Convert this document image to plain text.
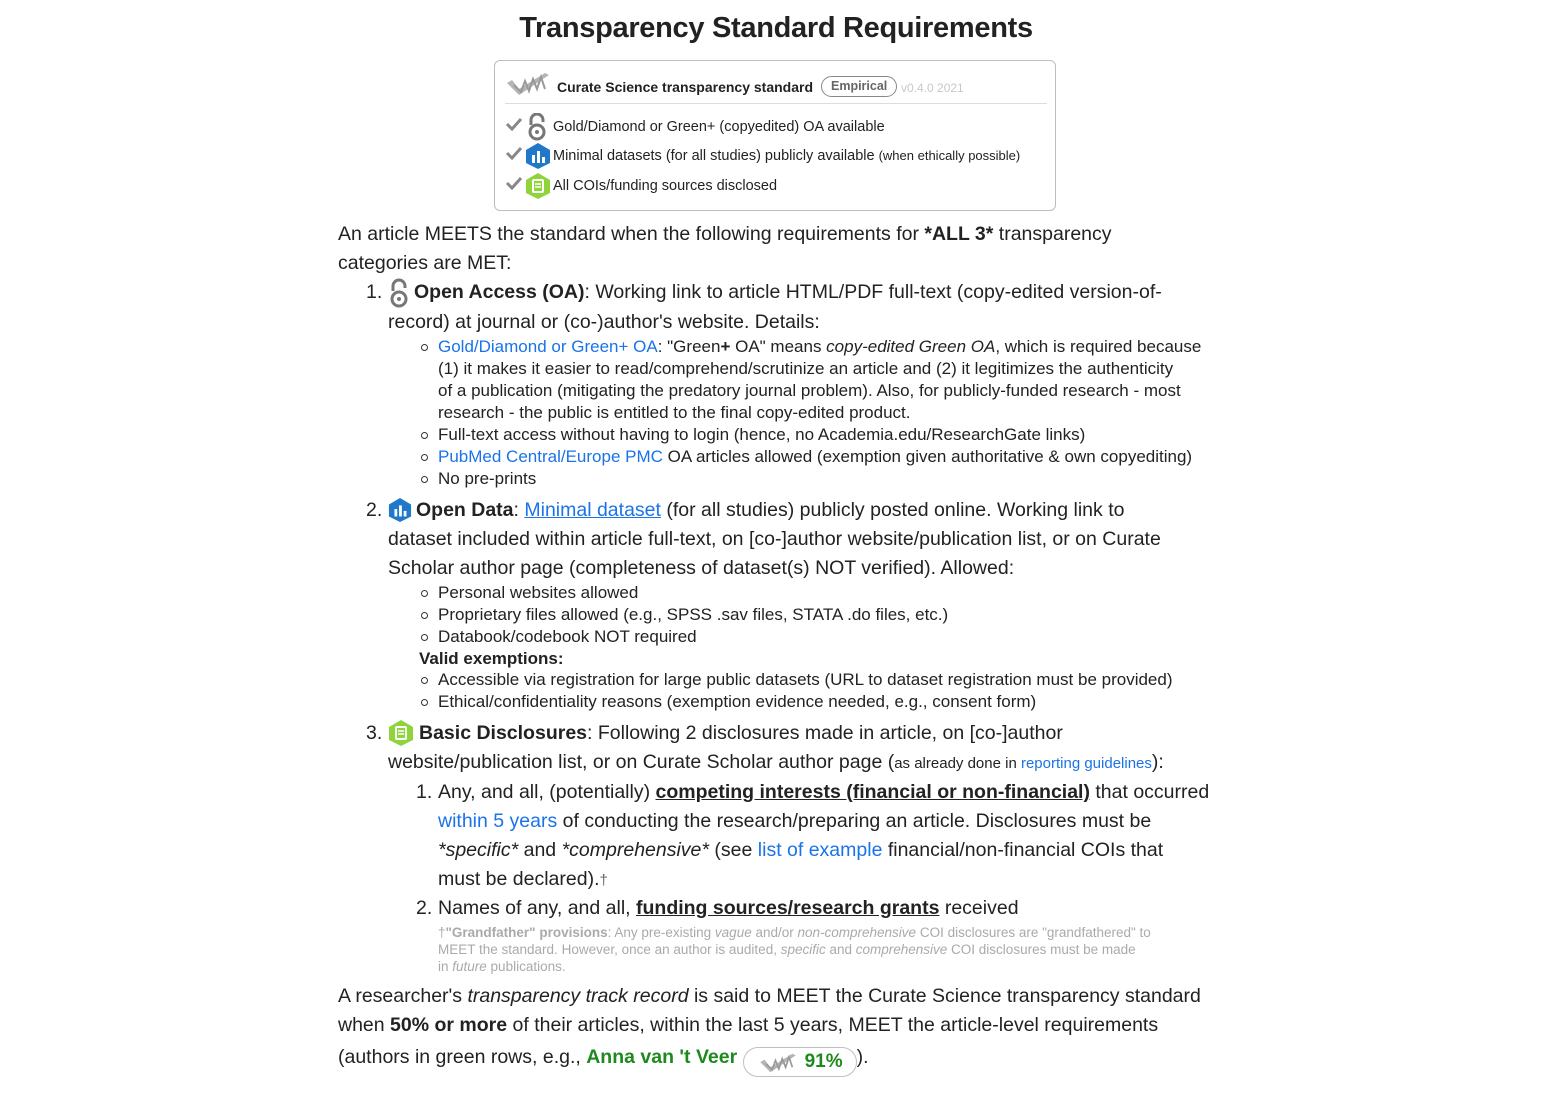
Transparency Standard Requirements
Curate Science transparency standard	Empirical	v0.4.0 2021
Gold/Diamond or Green+ (copyedited) OA available
Minimal datasets (for all studies) publicly available (when ethically possible)
All COIs/funding sources disclosed
An article MEETS the standard when the following requirements for *ALL 3* transparency
categories are MET:
1. Open Access (OA): Working link to article HTML/PDF full-text (copy-edited version-of-
record) at journal or (co-)author's website. Details:
Gold/Diamond or Green+ OA: "Green+ OA" means copy-edited Green OA, which is required because
(1) it makes it easier to read/comprehend/scrutinize an article and (2) it legitimizes the authenticity
of a publication (mitigating the predatory journal problem). Also, for publicly-funded research - most
research - the public is entitled to the final copy-edited product.
Full-text access without having to login (hence, no Academia.edu/ResearchGate links)
PubMed Central/Europe PMC OA articles allowed (exemption given authoritative & own copyediting)
No pre-prints
2. Open Data: Minimal dataset (for all studies) publicly posted online. Working link to
dataset included within article full-text, on [co-]author website/publication list, or on Curate
Scholar author page (completeness of dataset(s) NOT verified). Allowed:
Personal websites allowed
Proprietary files allowed (e.g., SPSS .sav files, STATA .do files, etc.)
Databook/codebook NOT required
Valid exemptions:
Accessible via registration for large public datasets (URL to dataset registration must be provided)
Ethical/confidentiality reasons (exemption evidence needed, e.g., consent form)
3. Basic Disclosures: Following 2 disclosures made in article, on [co-]author
website/publication list, or on Curate Scholar author page (as already done in reporting guidelines):
1. Any, and all, (potentially) competing interests (financial or non-financial) that occurred
within 5 years of conducting the research/preparing an article. Disclosures must be
*specific* and *comprehensive* (see list of example financial/non-financial COIs that
must be declared).†
2. Names of any, and all, funding sources/research grants received
†"Grandfather" provisions: Any pre-existing vague and/or non-comprehensive COI disclosures are "grandfathered" to
MEET the standard. However, once an author is audited, specific and comprehensive COI disclosures must be made
in future publications.
A researcher's transparency track record is said to MEET the Curate Science transparency standard
when 50% or more of their articles, within the last 5 years, MEET the article-level requirements
(authors in green rows, e.g., Anna van 't Veer	91% ).
